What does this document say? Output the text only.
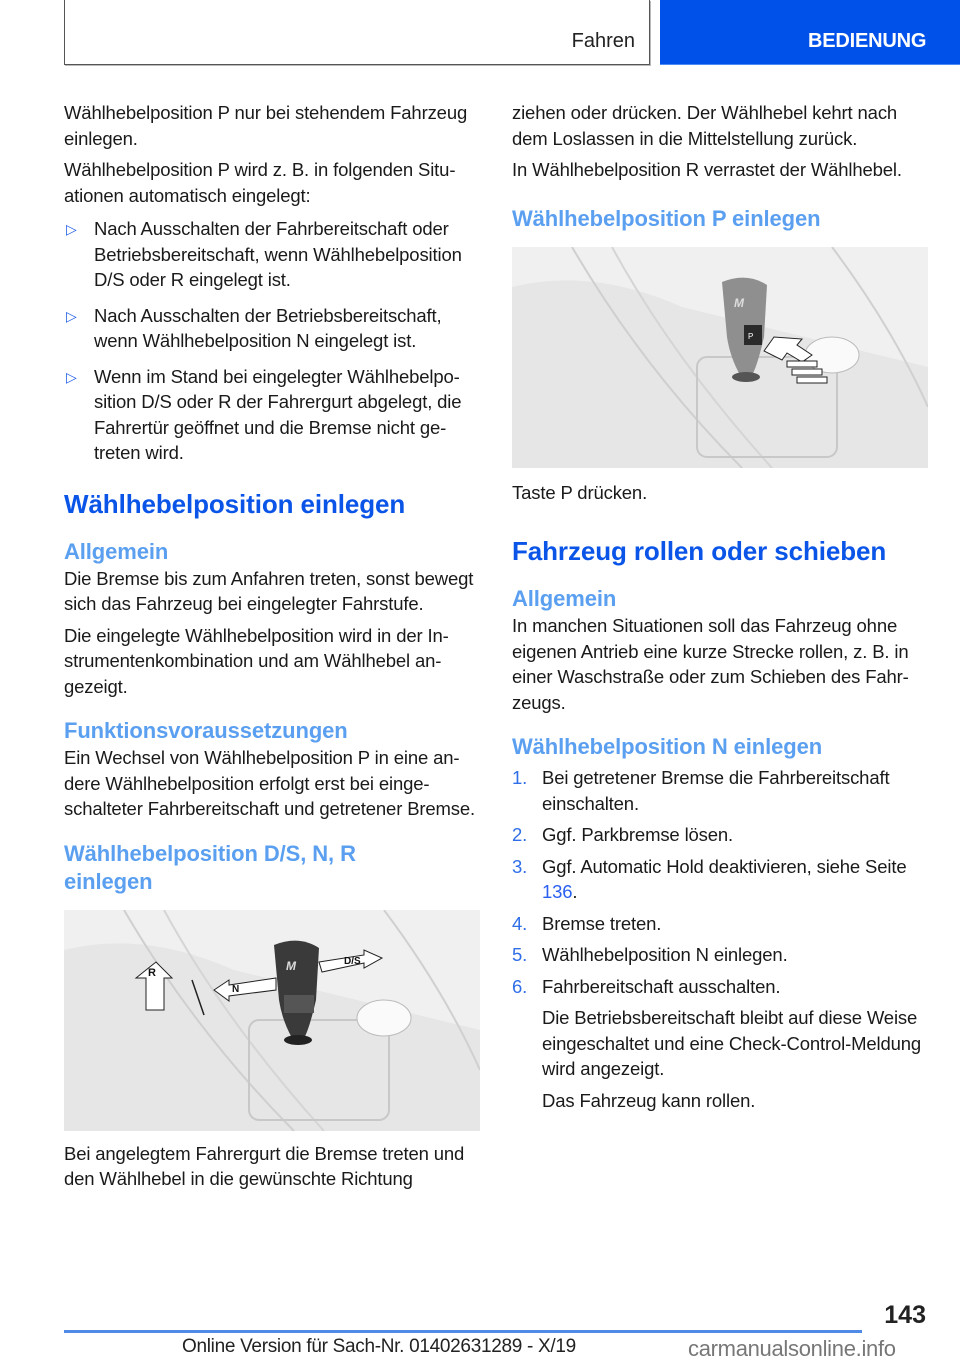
Fahren	BEDIENUNG

Wählhebelposition P nur bei stehendem Fahrzeug einlegen.

Wählhebelposition P wird z. B. in folgenden Situationen automatisch eingelegt:

▷ Nach Ausschalten der Fahrbereitschaft oder Betriebsbereitschaft, wenn Wählhebelposition D/S oder R eingelegt ist.
▷ Nach Ausschalten der Betriebsbereitschaft, wenn Wählhebelposition N eingelegt ist.
▷ Wenn im Stand bei eingelegter Wählhebelposition D/S oder R der Fahrergurt abgelegt, die Fahrertür geöffnet und die Bremse nicht getreten wird.
Wählhebelposition einlegen
Allgemein

Die Bremse bis zum Anfahren treten, sonst bewegt sich das Fahrzeug bei eingelegter Fahrstufe.

Die eingelegte Wählhebelposition wird in der Instrumentenkombination und am Wählhebel angezeigt.

Funktionsvoraussetzungen

Ein Wechsel von Wählhebelposition P in eine andere Wählhebelposition erfolgt erst bei eingeschalteter Fahrbereitschaft und getretener Bremse.

Wählhebelposition D/S, N, R einlegen
M
R
N
D/S

Bei angelegtem Fahrergurt die Bremse treten und den Wählhebel in die gewünschte Richtung

ziehen oder drücken. Der Wählhebel kehrt nach dem Loslassen in die Mittelstellung zurück.

In Wählhebelposition R verrastet der Wählhebel.

Wählhebelposition P einlegen
P
M

Taste P drücken.

Fahrzeug rollen oder schieben
Allgemein

In manchen Situationen soll das Fahrzeug ohne eigenen Antrieb eine kurze Strecke rollen, z. B. in einer Waschstraße oder zum Schieben des Fahrzeugs.

Wählhebelposition N einlegen
1. Bei getretener Bremse die Fahrbereitschaft einschalten.
2. Ggf. Parkbremse lösen.
3. Ggf. Automatic Hold deaktivieren, siehe Seite 136.
4. Bremse treten.
5. Wählhebelposition N einlegen.
6. Fahrbereitschaft ausschalten.

Die Betriebsbereitschaft bleibt auf diese Weise eingeschaltet und eine Check-Control-Meldung wird angezeigt.

Das Fahrzeug kann rollen.

143
Online Version für Sach-Nr. 01402631289 - X/19	carmanualsonline.info
